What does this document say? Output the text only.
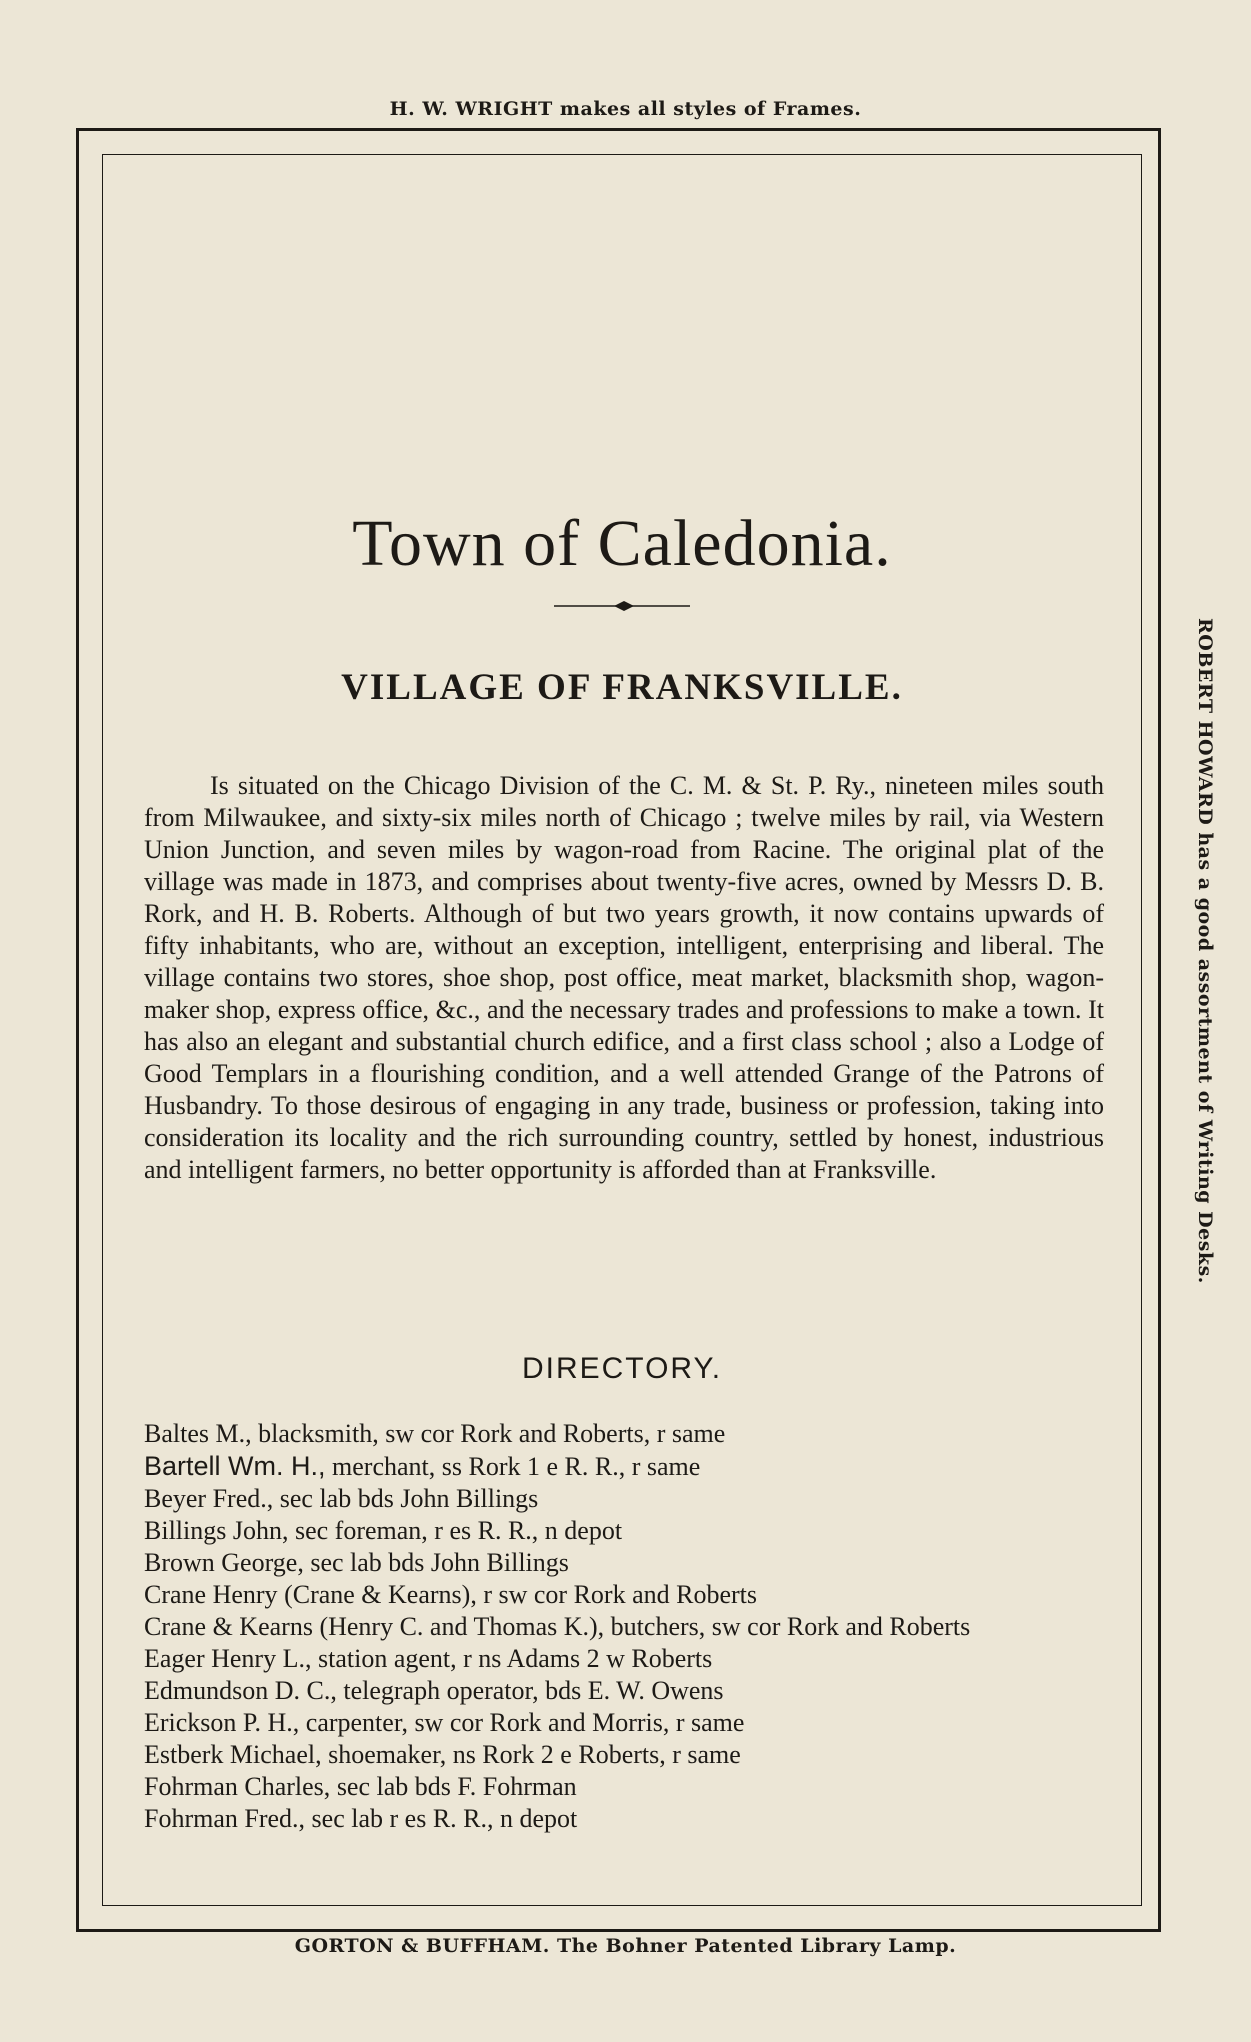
H. W. WRIGHT makes all styles of Frames.
ROBERT HOWARD has a good assortment of Writing Desks.
Town of Caledonia.
VILLAGE OF FRANKSVILLE.

Is situated on the Chicago Division of the C. M. & St. P. Ry., nineteen miles south from Milwaukee, and sixty-six miles north of Chicago ; twelve miles by rail, via Western Union Junction, and seven miles by wagon-road from Racine. The original plat of the village was made in 1873, and comprises about twenty-five acres, owned by Messrs D. B. Rork, and H. B. Roberts. Although of but two years growth, it now contains upwards of fifty inhabitants, who are, without an exception, intelligent, enterprising and liberal. The village contains two stores, shoe shop, post office, meat market, blacksmith shop, wagon-maker shop, express office, &c., and the necessary trades and professions to make a town. It has also an elegant and substantial church edifice, and a first class school ; also a Lodge of Good Templars in a flourishing condition, and a well attended Grange of the Patrons of Husbandry. To those desirous of engaging in any trade, business or profession, taking into consideration its locality and the rich surrounding country, settled by honest, industrious and intelligent farmers, no better opportunity is afforded than at Franksville.

DIRECTORY.
Baltes M., blacksmith, sw cor Rork and Roberts, r same
Bartell Wm. H., merchant, ss Rork 1 e R. R., r same
Beyer Fred., sec lab bds John Billings
Billings John, sec foreman, r es R. R., n depot
Brown George, sec lab bds John Billings
Crane Henry (Crane & Kearns), r sw cor Rork and Roberts
Crane & Kearns (Henry C. and Thomas K.), butchers, sw cor Rork and Roberts
Eager Henry L., station agent, r ns Adams 2 w Roberts
Edmundson D. C., telegraph operator, bds E. W. Owens
Erickson P. H., carpenter, sw cor Rork and Morris, r same
Estberk Michael, shoemaker, ns Rork 2 e Roberts, r same
Fohrman Charles, sec lab bds F. Fohrman
Fohrman Fred., sec lab r es R. R., n depot
GORTON & BUFFHAM. The Bohner Patented Library Lamp.
